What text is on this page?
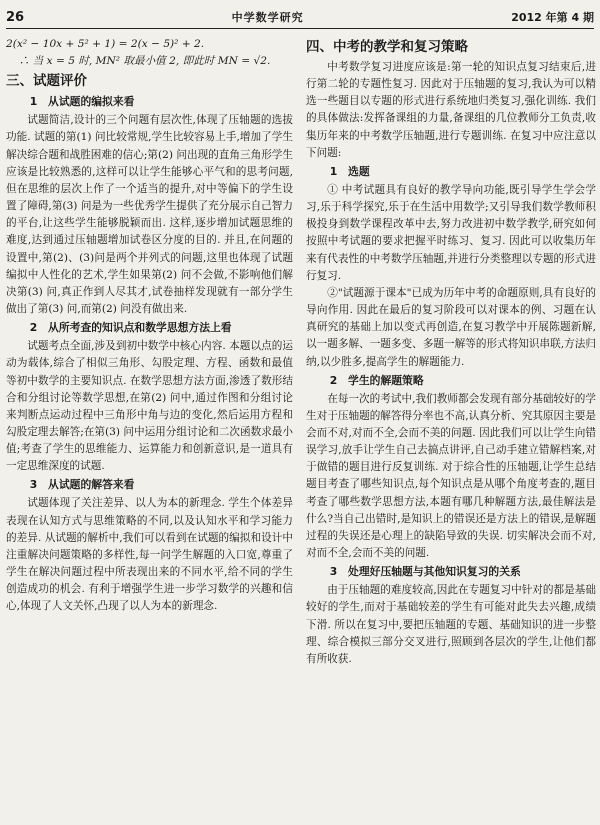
26	中学数学研究	2012 年第 4 期

2(x² − 10x + 5² + 1) = 2(x − 5)² + 2.

∴ 当 x = 5 时, MN² 取最小值 2, 即此时 MN = √2.

三、试题评价
1　从试题的编拟来看

试题简洁,设计的三个问题有层次性,体现了压轴题的选拔功能. 试题的第(1) 问比较常规,学生比较容易上手,增加了学生解决综合题和战胜困难的信心;第(2) 问出现的直角三角形学生应该是比较熟悉的,这样可以让学生能够心平气和的思考问题,但在思维的层次上作了一个适当的提升,对中等偏下的学生设置了障碍,第(3) 问是为一些优秀学生提供了充分展示自己智力的平台,让这些学生能够脱颖而出. 这样,逐步增加试题思维的难度,达到通过压轴题增加试卷区分度的目的. 并且,在问题的设置中,第(2)、(3)问是两个并列式的问题,这里也体现了试题编拟中人性化的艺术,学生如果第(2) 问不会做,不影响他们解决第(3) 问,真正作到人尽其才,试卷抽样发现就有一部分学生做出了第(3) 问,而第(2) 问没有做出来.

2　从所考查的知识点和数学思想方法上看

试题考点全面,涉及到初中数学中核心内容. 本题以点的运动为载体,综合了相似三角形、勾股定理、方程、函数和最值等初中数学的主要知识点. 在数学思想方法方面,渗透了数形结合和分组讨论等数学思想,在第(2) 问中,通过作图和分组讨论来判断点运动过程中三角形中角与边的变化,然后运用方程和勾股定理去解答;在第(3) 问中运用分组讨论和二次函数求最小值;考查了学生的思维能力、运算能力和创新意识,是一道具有一定思维深度的试题.

3　从试题的解答来看

试题体现了关注差异、以人为本的新理念. 学生个体差异表现在认知方式与思维策略的不同,以及认知水平和学习能力的差异. 从试题的解析中,我们可以看到在试题的编拟和设计中注重解决问题策略的多样性,每一问学生解题的入口宽,尊重了学生在解决问题过程中所表现出来的不同水平,给不同的学生创造成功的机会. 有利于增强学生进一步学习数学的兴趣和信心,体现了人文关怀,凸现了以人为本的新理念.

四、中考的教学和复习策略

中考数学复习进度应该是:第一轮的知识点复习结束后,进行第二轮的专题性复习. 因此对于压轴题的复习,我认为可以精选一些题目以专题的形式进行系统地归类复习,强化训练. 我们的具体做法:发挥备课组的力量,备课组的几位教师分工负责,收集历年来的中考数学压轴题,进行专题训练. 在复习中应注意以下问题:

1　选题

① 中考试题具有良好的教学导向功能,既引导学生学会学习,乐于科学探究,乐于在生活中用数学;又引导我们数学教师积极投身到数学课程改革中去,努力改进初中数学教学,研究如何按照中考试题的要求把握平时练习、复习. 因此可以收集历年来有代表性的中考数学压轴题,并进行分类整理以专题的形式进行复习.

②"试题源于课本"已成为历年中考的命题原则,具有良好的导向作用. 因此在最后的复习阶段可以对课本的例、习题在认真研究的基础上加以变式再创造,在复习教学中开展陈题新解,以一题多解、一题多变、多题一解等的形式将知识串联,方法归纳,以少胜多,提高学生的解题能力.

2　学生的解题策略

在每一次的考试中,我们教师都会发现有部分基础较好的学生对于压轴题的解答得分率也不高,认真分析、究其原因主要是会而不对,对而不全,会而不美的问题. 因此我们可以让学生向错误学习,放手让学生自己去搞点讲评,自己动手建立错解档案,对于做错的题目进行反复训练. 对于综合性的压轴题,让学生总结题目考查了哪些知识点,每个知识点是从哪个角度考查的,题目考查了哪些数学思想方法,本题有哪几种解题方法,最佳解法是什么?当自己出错时,是知识上的错误还是方法上的错误,是解题过程的失误还是心理上的缺陷导致的失误. 切实解决会而不对,对而不全,会而不美的问题.

3　处理好压轴题与其他知识复习的关系

由于压轴题的难度较高,因此在专题复习中针对的都是基础较好的学生,而对于基础较差的学生有可能对此失去兴趣,成绩下滑. 所以在复习中,要把压轴题的专题、基础知识的进一步整理、综合模拟三部分交叉进行,照顾到各层次的学生,让他们都有所收获.
